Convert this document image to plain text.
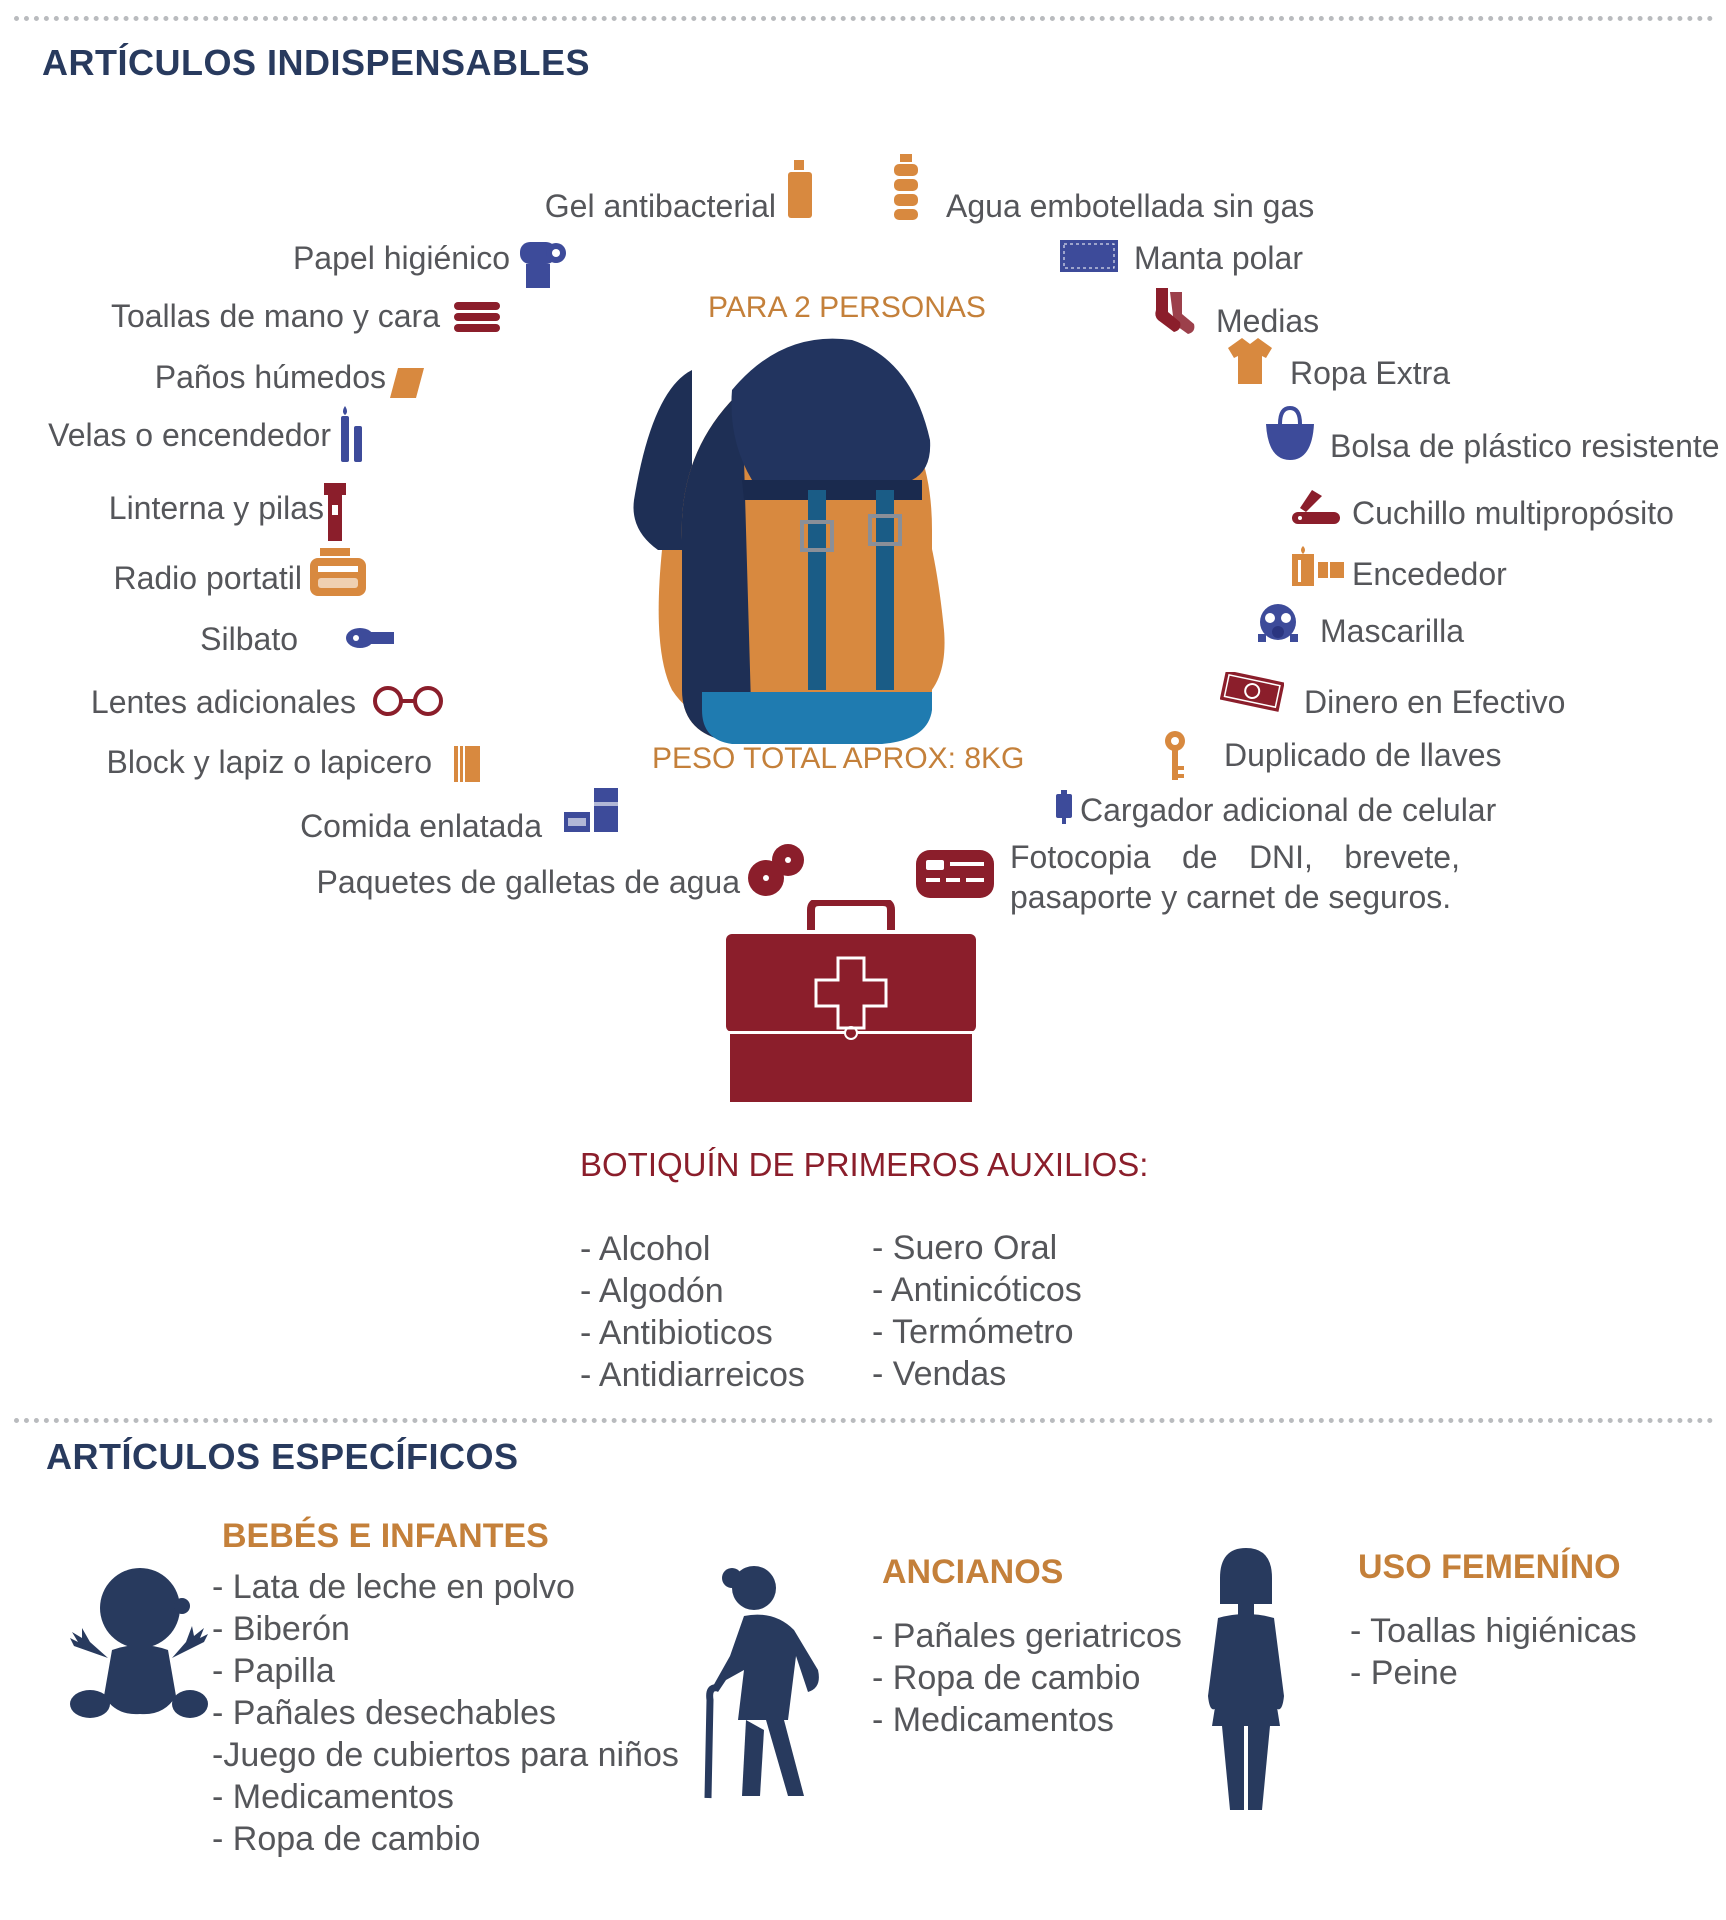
ARTÍCULOS INDISPENSABLES
Gel antibacterial
Papel higiénico
Toallas de mano y cara
Paños húmedos
Velas o encendedor
Linterna y pilas
Radio portatil
Silbato
Lentes adicionales
Block y lapiz o lapicero
Comida enlatada
Paquetes de galletas de agua
Agua embotellada sin gas
Manta polar
Medias
Ropa Extra
Bolsa de plástico resistente
Cuchillo multipropósito
Encededor
Mascarilla
Dinero en Efectivo
Duplicado de llaves
Cargador adicional de celular
Fotocopia de DNI, brevete,
pasaporte y carnet de seguros.
PARA 2 PERSONAS
PESO TOTAL APROX: 8KG
BOTIQUÍN DE PRIMEROS AUXILIOS:
- Alcohol
- Algodón
- Antibioticos
- Antidiarreicos
- Suero Oral
- Antinicóticos
- Termómetro
- Vendas
ARTÍCULOS ESPECÍFICOS
BEBÉS E INFANTES
- Lata de leche en polvo
- Biberón
- Papilla
- Pañales desechables
-Juego de cubiertos para niños
- Medicamentos
- Ropa de cambio
ANCIANOS
- Pañales geriatricos
- Ropa de cambio
- Medicamentos
USO FEMENÍNO
- Toallas higiénicas
- Peine
